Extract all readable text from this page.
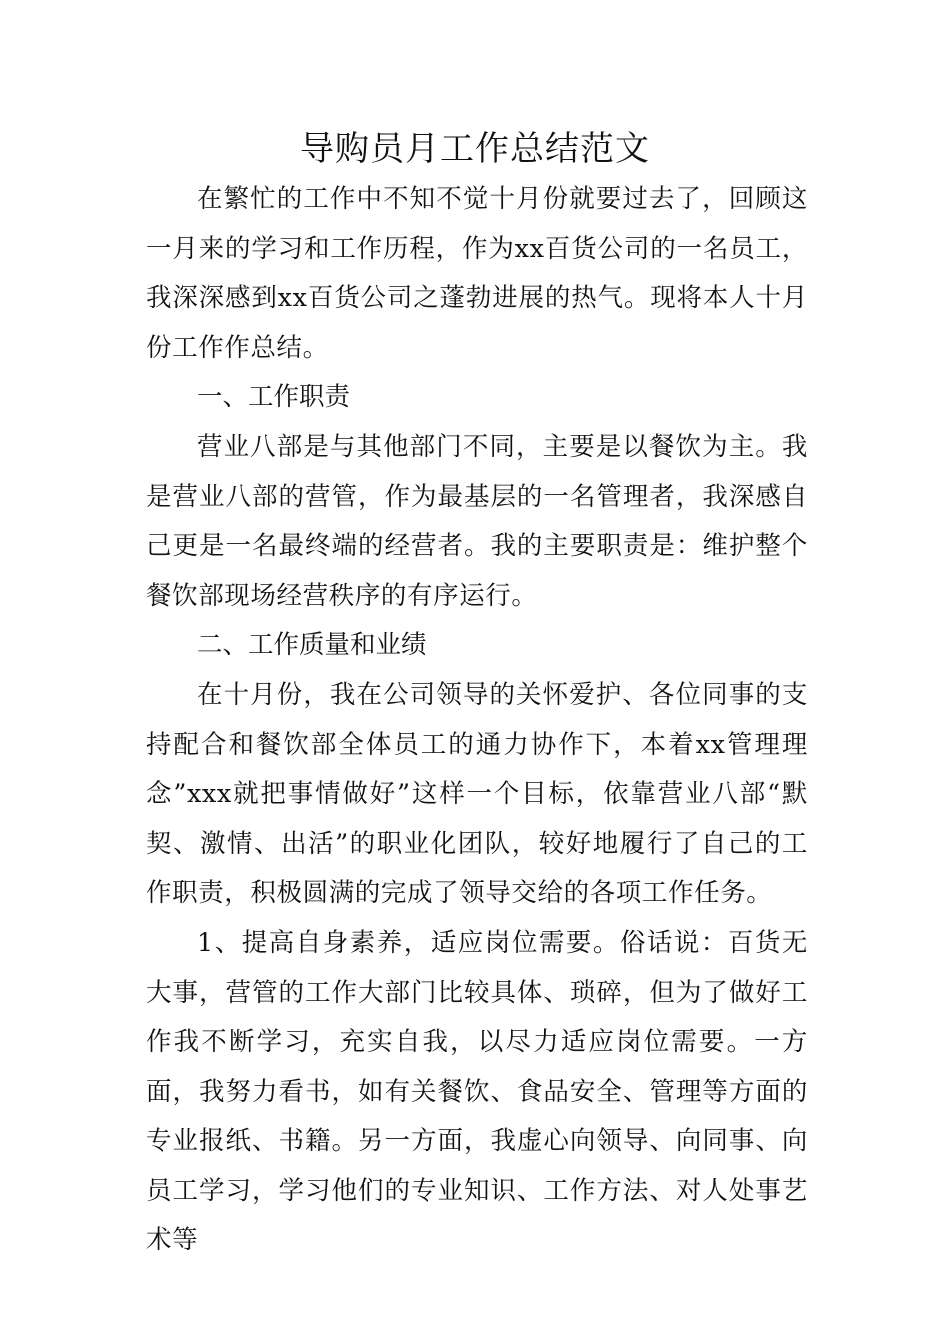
导购员月工作总结范文

在繁忙的工作中不知不觉十月份就要过去了，回顾这一月来的学习和工作历程，作为xx百货公司的一名员工，我深深感到xx百货公司之蓬勃进展的热气。现将本人十月份工作作总结。

一、工作职责

营业八部是与其他部门不同，主要是以餐饮为主。我是营业八部的营管，作为最基层的一名管理者，我深感自己更是一名最终端的经营者。我的主要职责是：维护整个餐饮部现场经营秩序的有序运行。

二、工作质量和业绩

在十月份，我在公司领导的关怀爱护、各位同事的支持配合和餐饮部全体员工的通力协作下，本着xx管理理念”xxx就把事情做好”这样一个目标，依靠营业八部“默契、激情、出活”的职业化团队，较好地履行了自己的工作职责，积极圆满的完成了领导交给的各项工作任务。

1、提高自身素养，适应岗位需要。俗话说：百货无大事，营管的工作大部门比较具体、琐碎，但为了做好工作我不断学习，充实自我，以尽力适应岗位需要。一方面，我努力看书，如有关餐饮、食品安全、管理等方面的专业报纸、书籍。另一方面，我虚心向领导、向同事、向员工学习，学习他们的专业知识、工作方法、对人处事艺术等
